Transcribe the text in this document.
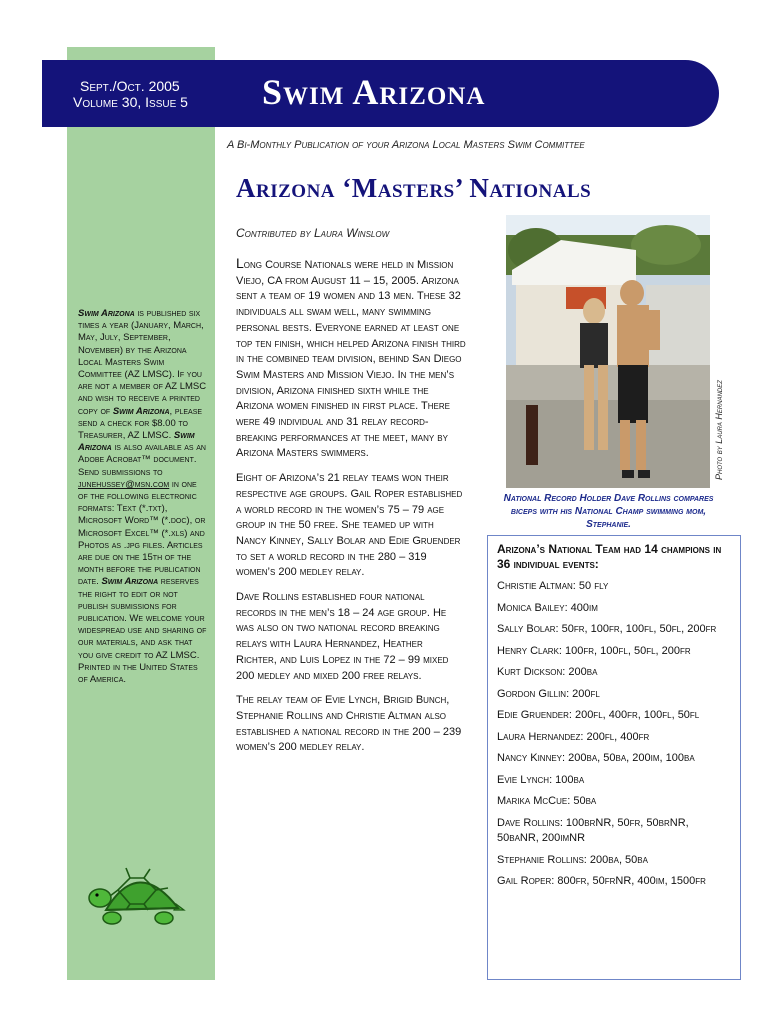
Sept./Oct. 2005
Volume 30, Issue 5 Swim Arizona
A Bi-Monthly Publication of your Arizona Local Masters Swim Committee
Arizona ‘Masters’ Nationals
Contributed by Laura Winslow
Swim Arizona is published six times a year (January, March, May, July, September, November) by the Arizona Local Masters Swim Committee (AZ LMSC). If you are not a member of AZ LMSC and wish to receive a printed copy of Swim Arizona, please send a check for $8.00 to Treasurer, AZ LMSC. Swim Arizona is also available as an Adobe Acrobat™ document. Send submissions to junehussey@msn.com in one of the following electronic formats: Text (*.txt), Microsoft Word™ (*.doc), or Microsoft Excel™ (*.xls) and Photos as .jpg files. Articles are due on the 15th of the month before the publication date. Swim Arizona reserves the right to edit or not publish submissions for publication. We welcome your widespread use and sharing of our materials, and ask that you give credit to AZ LMSC. Printed in the United States of America.

Long Course Nationals were held in Mission Viejo, CA from August 11 – 15, 2005. Arizona sent a team of 19 women and 13 men. These 32 individuals all swam well, many swimming personal bests. Everyone earned at least one top ten finish, which helped Arizona finish third in the combined team division, behind San Diego Swim Masters and Mission Viejo. In the men’s division, Arizona finished sixth while the Arizona women finished in first place. There were 49 individual and 31 relay record-breaking performances at the meet, many by Arizona Masters swimmers.

Eight of Arizona’s 21 relay teams won their respective age groups. Gail Roper established a world record in the women’s 75 – 79 age group in the 50 free. She teamed up with Nancy Kinney, Sally Bolar and Edie Gruender to set a world record in the 280 – 319 women’s 200 medley relay.

Dave Rollins established four national records in the men’s 18 – 24 age group. He was also on two national record breaking relays with Laura Hernandez, Heather Richter, and Luis Lopez in the 72 – 99 mixed 200 medley and mixed 200 free relays.

The relay team of Evie Lynch, Brigid Bunch, Stephanie Rollins and Christie Altman also established a national record in the 200 – 239 women’s 200 medley relay.

Photo by Laura Hernandez
National Record Holder Dave Rollins compares biceps with his National Champ swimming mom, Stephanie.
Arizona’s National Team had 14 champions in 36 individual events:
Christie Altman: 50 fly
Monica Bailey: 400im
Sally Bolar: 50fr, 100fr, 100fl, 50fl, 200fr
Henry Clark: 100fr, 100fl, 50fl, 200fr
Kurt Dickson: 200ba
Gordon Gillin: 200fl
Edie Gruender: 200fl, 400fr, 100fl, 50fl
Laura Hernandez: 200fl, 400fr
Nancy Kinney: 200ba, 50ba, 200im, 100ba
Evie Lynch: 100ba
Marika McCue: 50ba
Dave Rollins: 100brNR, 50fr, 50brNR, 50baNR, 200imNR
Stephanie Rollins: 200ba, 50ba
Gail Roper: 800fr, 50frNR, 400im, 1500fr
